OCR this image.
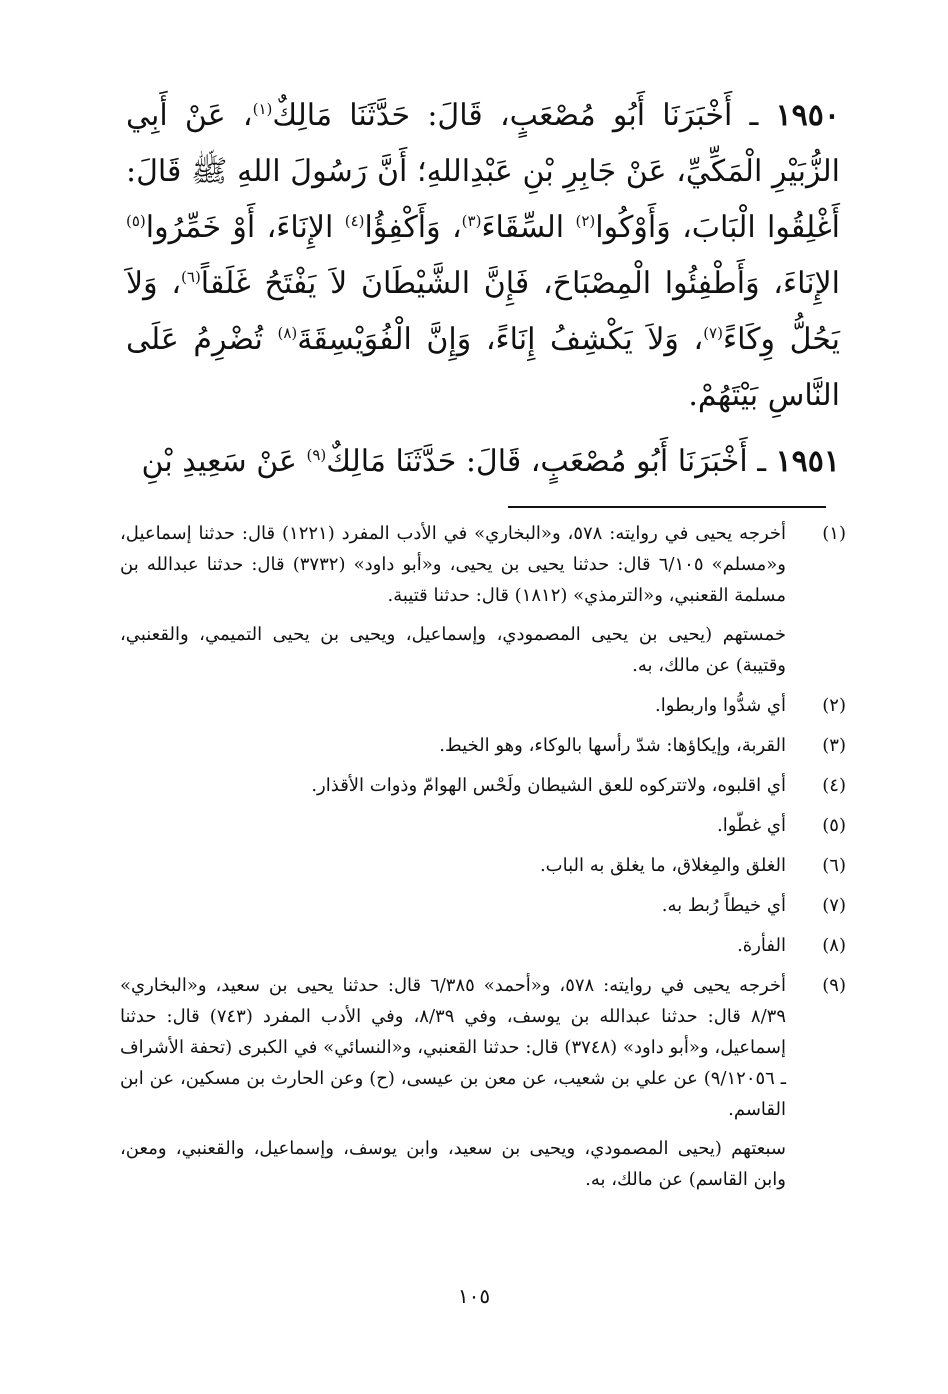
١٩٥٠ ـ أَخْبَرَنَا أَبُو مُصْعَبٍ، قَالَ: حَدَّثَنَا مَالِكٌ$^{(١)}$، عَنْ أَبِي الزُّبَيْرِ الْمَكِّيِّ، عَنْ جَابِرِ بْنِ عَبْدِاللهِ؛ أَنَّ رَسُولَ اللهِ ﷺ قَالَ: أَغْلِقُوا الْبَابَ، وَأَوْكُوا$^{(٢)}$ السِّقَاءَ$^{(٣)}$، وَأَكْفِؤُا$^{(٤)}$ الإِنَاءَ، أَوْ خَمِّرُوا$^{(٥)}$ الإِنَاءَ، وَأَطْفِئُوا الْمِصْبَاحَ، فَإِنَّ الشَّيْطَانَ لاَ يَفْتَحُ غَلَقاً$^{(٦)}$، وَلاَ يَحُلُّ وِكَاءً$^{(٧)}$، وَلاَ يَكْشِفُ إِنَاءً، وَإِنَّ الْفُوَيْسِقَةَ$^{(٨)}$ تُضْرِمُ عَلَى النَّاسِ بَيْتَهُمْ.

١٩٥١ ـ أَخْبَرَنَا أَبُو مُصْعَبٍ، قَالَ: حَدَّثَنَا مَالِكٌ$^{(٩)}$ عَنْ سَعِيدِ بْنِ

(١)

أخرجه يحيى في روايته: ٥٧٨، و«البخاري» في الأدب المفرد (١٢٢١) قال: حدثنا إسماعيل، و«مسلم» ٦/١٠٥ قال: حدثنا يحيى بن يحيى، و«أبو داود» (٣٧٣٢) قال: حدثنا عبدالله بن مسلمة القعنبي، و«الترمذي» (١٨١٢) قال: حدثنا قتيبة.

خمستهم (يحيى بن يحيى المصمودي، وإسماعيل، ويحيى بن يحيى التميمي، والقعنبي، وقتيبة) عن مالك، به.

(٢)

أي شدُّوا واربطوا.

(٣)

القربة، وإيكاؤها: شدّ رأسها بالوكاء، وهو الخيط.

(٤)

أي اقلبوه، ولاتتركوه للعق الشيطان ولَحْس الهوامّ وذوات الأقذار.

(٥)

أي غطّوا.

(٦)

الغلق والمِغلاق، ما يغلق به الباب.

(٧)

أي خيطاً رُبط به.

(٨)

الفأرة.

(٩)

أخرجه يحيى في روايته: ٥٧٨، و«أحمد» ٦/٣٨٥ قال: حدثنا يحيى بن سعيد، و«البخاري» ٨/٣٩ قال: حدثنا عبدالله بن يوسف، وفي ٨/٣٩، وفي الأدب المفرد (٧٤٣) قال: حدثنا إسماعيل، و«أبو داود» (٣٧٤٨) قال: حدثنا القعنبي، و«النسائي» في الكبرى (تحفة الأشراف ـ ٩/١٢٠٥٦) عن علي بن شعيب، عن معن بن عيسى، (ح) وعن الحارث بن مسكين، عن ابن القاسم.

سبعتهم (يحيى المصمودي، ويحيى بن سعيد، وابن يوسف، وإسماعيل، والقعنبي، ومعن، وابن القاسم) عن مالك، به.

١٠٥
